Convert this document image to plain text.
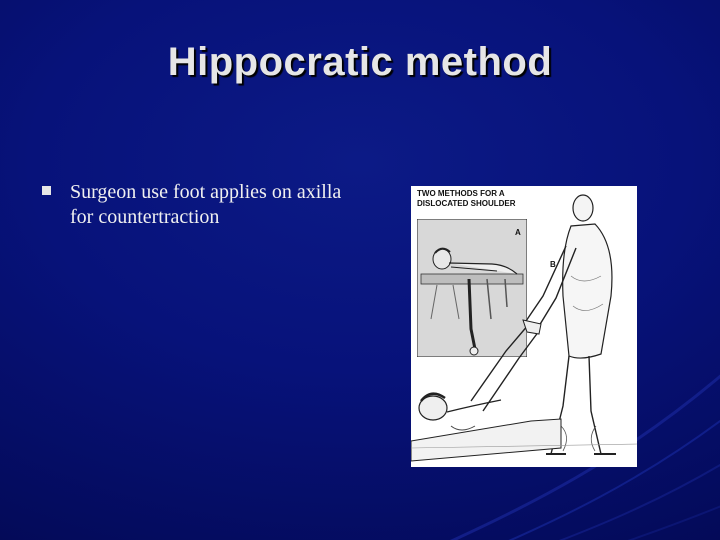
Hippocratic method
Surgeon use foot applies on axilla for countertraction
TWO METHODS FOR A DISLOCATED SHOULDER
A
B
